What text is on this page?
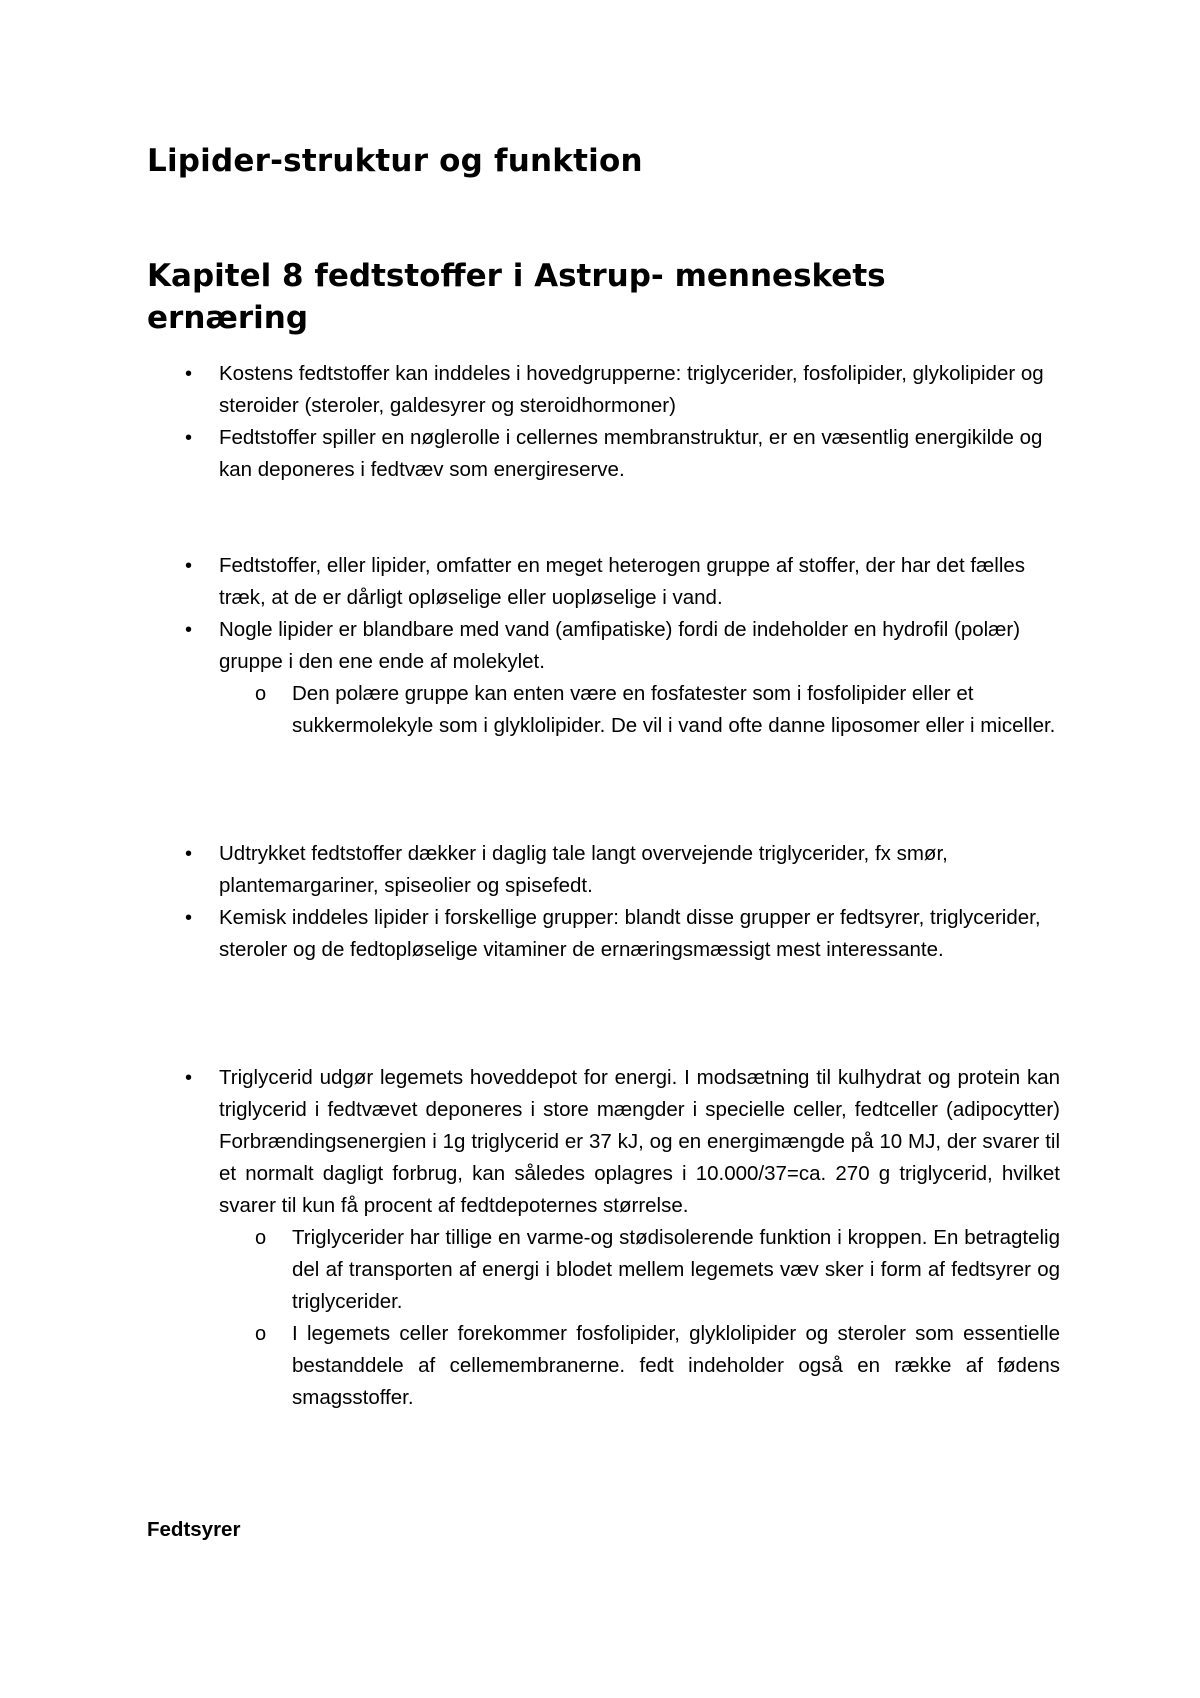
Lipider-struktur og funktion
Kapitel 8 fedtstoffer i Astrup- menneskets ernæring
• Kostens fedtstoffer kan inddeles i hovedgrupperne: triglycerider, fosfolipider, glykolipider og steroider (steroler, galdesyrer og steroidhormoner)
• Fedtstoffer spiller en nøglerolle i cellernes membranstruktur, er en væsentlig energikilde og kan deponeres i fedtvæv som energireserve.
• Fedtstoffer, eller lipider, omfatter en meget heterogen gruppe af stoffer, der har det fælles træk, at de er dårligt opløselige eller uopløselige i vand.
• Nogle lipider er blandbare med vand (amfipatiske) fordi de indeholder en hydrofil (polær) gruppe i den ene ende af molekylet.
o Den polære gruppe kan enten være en fosfatester som i fosfolipider eller et sukkermolekyle som i glyklolipider. De vil i vand ofte danne liposomer eller i miceller.
• Udtrykket fedtstoffer dækker i daglig tale langt overvejende triglycerider, fx smør, plantemargariner, spiseolier og spisefedt.
• Kemisk inddeles lipider i forskellige grupper: blandt disse grupper er fedtsyrer, triglycerider, steroler og de fedtopløselige vitaminer de ernæringsmæssigt mest interessante.
• Triglycerid udgør legemets hoveddepot for energi. I modsætning til kulhydrat og protein kan triglycerid i fedtvævet deponeres i store mængder i specielle celler, fedtceller (adipocytter) Forbrændingsenergien i 1g triglycerid er 37 kJ, og en energimængde på 10 MJ, der svarer til et normalt dagligt forbrug, kan således oplagres i 10.000/37=ca. 270 g triglycerid, hvilket svarer til kun få procent af fedtdepoternes størrelse.
o Triglycerider har tillige en varme-og stødisolerende funktion i kroppen. En betragtelig del af transporten af energi i blodet mellem legemets væv sker i form af fedtsyrer og triglycerider.
o I legemets celler forekommer fosfolipider, glyklolipider og steroler som essentielle bestanddele af cellemembranerne. fedt indeholder også en række af fødens smagsstoffer.

Fedtsyrer
